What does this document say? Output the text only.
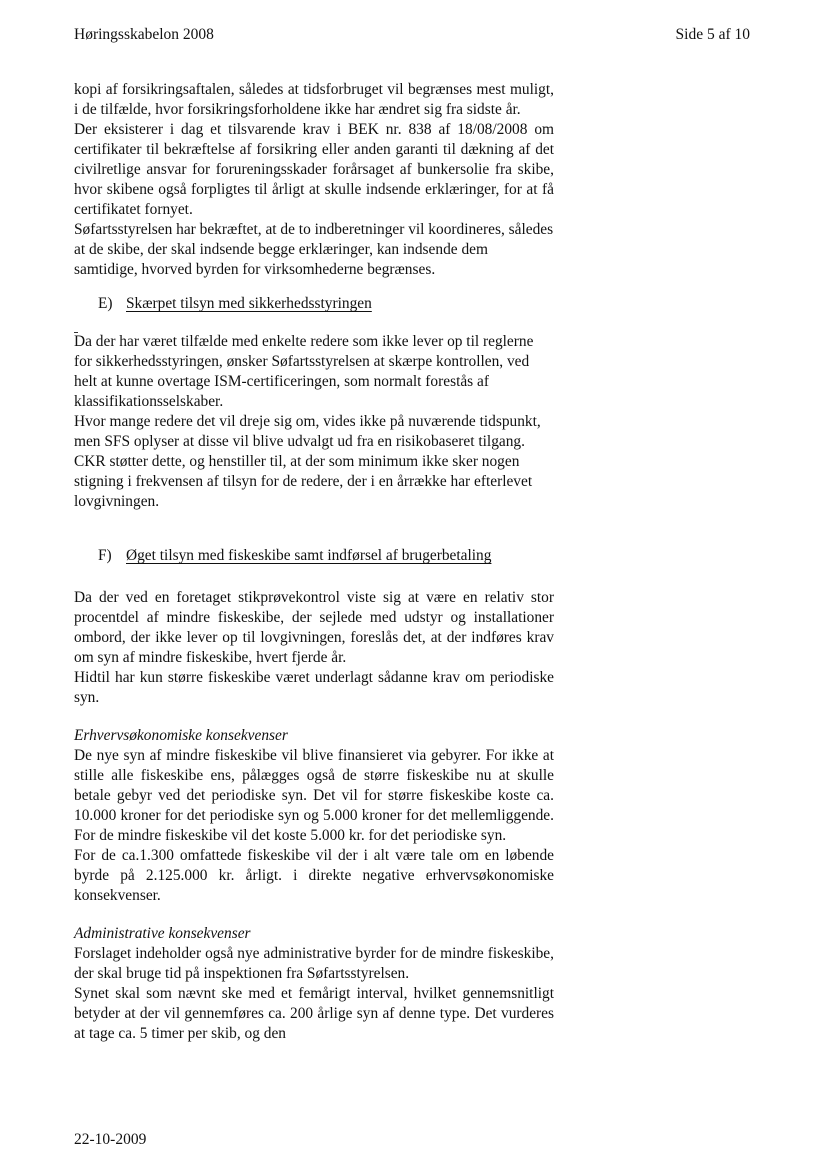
Høringsskabelon 2008	Side 5 af 10

kopi af forsikringsaftalen, således at tidsforbruget vil begrænses mest muligt, i de tilfælde, hvor forsikringsforholdene ikke har ændret sig fra sidste år.

Der eksisterer i dag et tilsvarende krav i BEK nr. 838 af 18/08/2008 om certifikater til bekræftelse af forsikring eller anden garanti til dækning af det civilretlige ansvar for forureningsskader forårsaget af bunkersolie fra skibe, hvor skibene også forpligtes til årligt at skulle indsende erklæringer, for at få certifikatet fornyet.

Søfartsstyrelsen har bekræftet, at de to indberetninger vil koordineres, således at de skibe, der skal indsende begge erklæringer, kan indsende dem samtidige, hvorved byrden for virksomhederne begrænses.

E) Skærpet tilsyn med sikkerhedsstyringen

Da der har været tilfælde med enkelte redere som ikke lever op til reglerne for sikkerhedsstyringen, ønsker Søfartsstyrelsen at skærpe kontrollen, ved helt at kunne overtage ISM-certificeringen, som normalt forestås af klassifikationsselskaber.

Hvor mange redere det vil dreje sig om, vides ikke på nuværende tidspunkt, men SFS oplyser at disse vil blive udvalgt ud fra en risikobaseret tilgang.

CKR støtter dette, og henstiller til, at der som minimum ikke sker nogen stigning i frekvensen af tilsyn for de redere, der i en årrække har efterlevet lovgivningen.

F) Øget tilsyn med fiskeskibe samt indførsel af brugerbetaling

Da der ved en foretaget stikprøvekontrol viste sig at være en relativ stor procentdel af mindre fiskeskibe, der sejlede med udstyr og installationer ombord, der ikke lever op til lovgivningen, foreslås det, at der indføres krav om syn af mindre fiskeskibe, hvert fjerde år.

Hidtil har kun større fiskeskibe været underlagt sådanne krav om periodiske syn.

Erhvervsøkonomiske konsekvenser

De nye syn af mindre fiskeskibe vil blive finansieret via gebyrer. For ikke at stille alle fiskeskibe ens, pålægges også de større fiskeskibe nu at skulle betale gebyr ved det periodiske syn. Det vil for større fiskeskibe koste ca. 10.000 kroner for det periodiske syn og 5.000 kroner for det mellemliggende. For de mindre fiskeskibe vil det koste 5.000 kr. for det periodiske syn.

For de ca.1.300 omfattede fiskeskibe vil der i alt være tale om en løbende byrde på 2.125.000 kr. årligt. i direkte negative erhvervsøkonomiske konsekvenser.

Administrative konsekvenser

Forslaget indeholder også nye administrative byrder for de mindre fiskeskibe, der skal bruge tid på inspektionen fra Søfartsstyrelsen.

Synet skal som nævnt ske med et femårigt interval, hvilket gennemsnitligt betyder at der vil gennemføres ca. 200 årlige syn af denne type. Det vurderes at tage ca. 5 timer per skib, og den

22-10-2009
